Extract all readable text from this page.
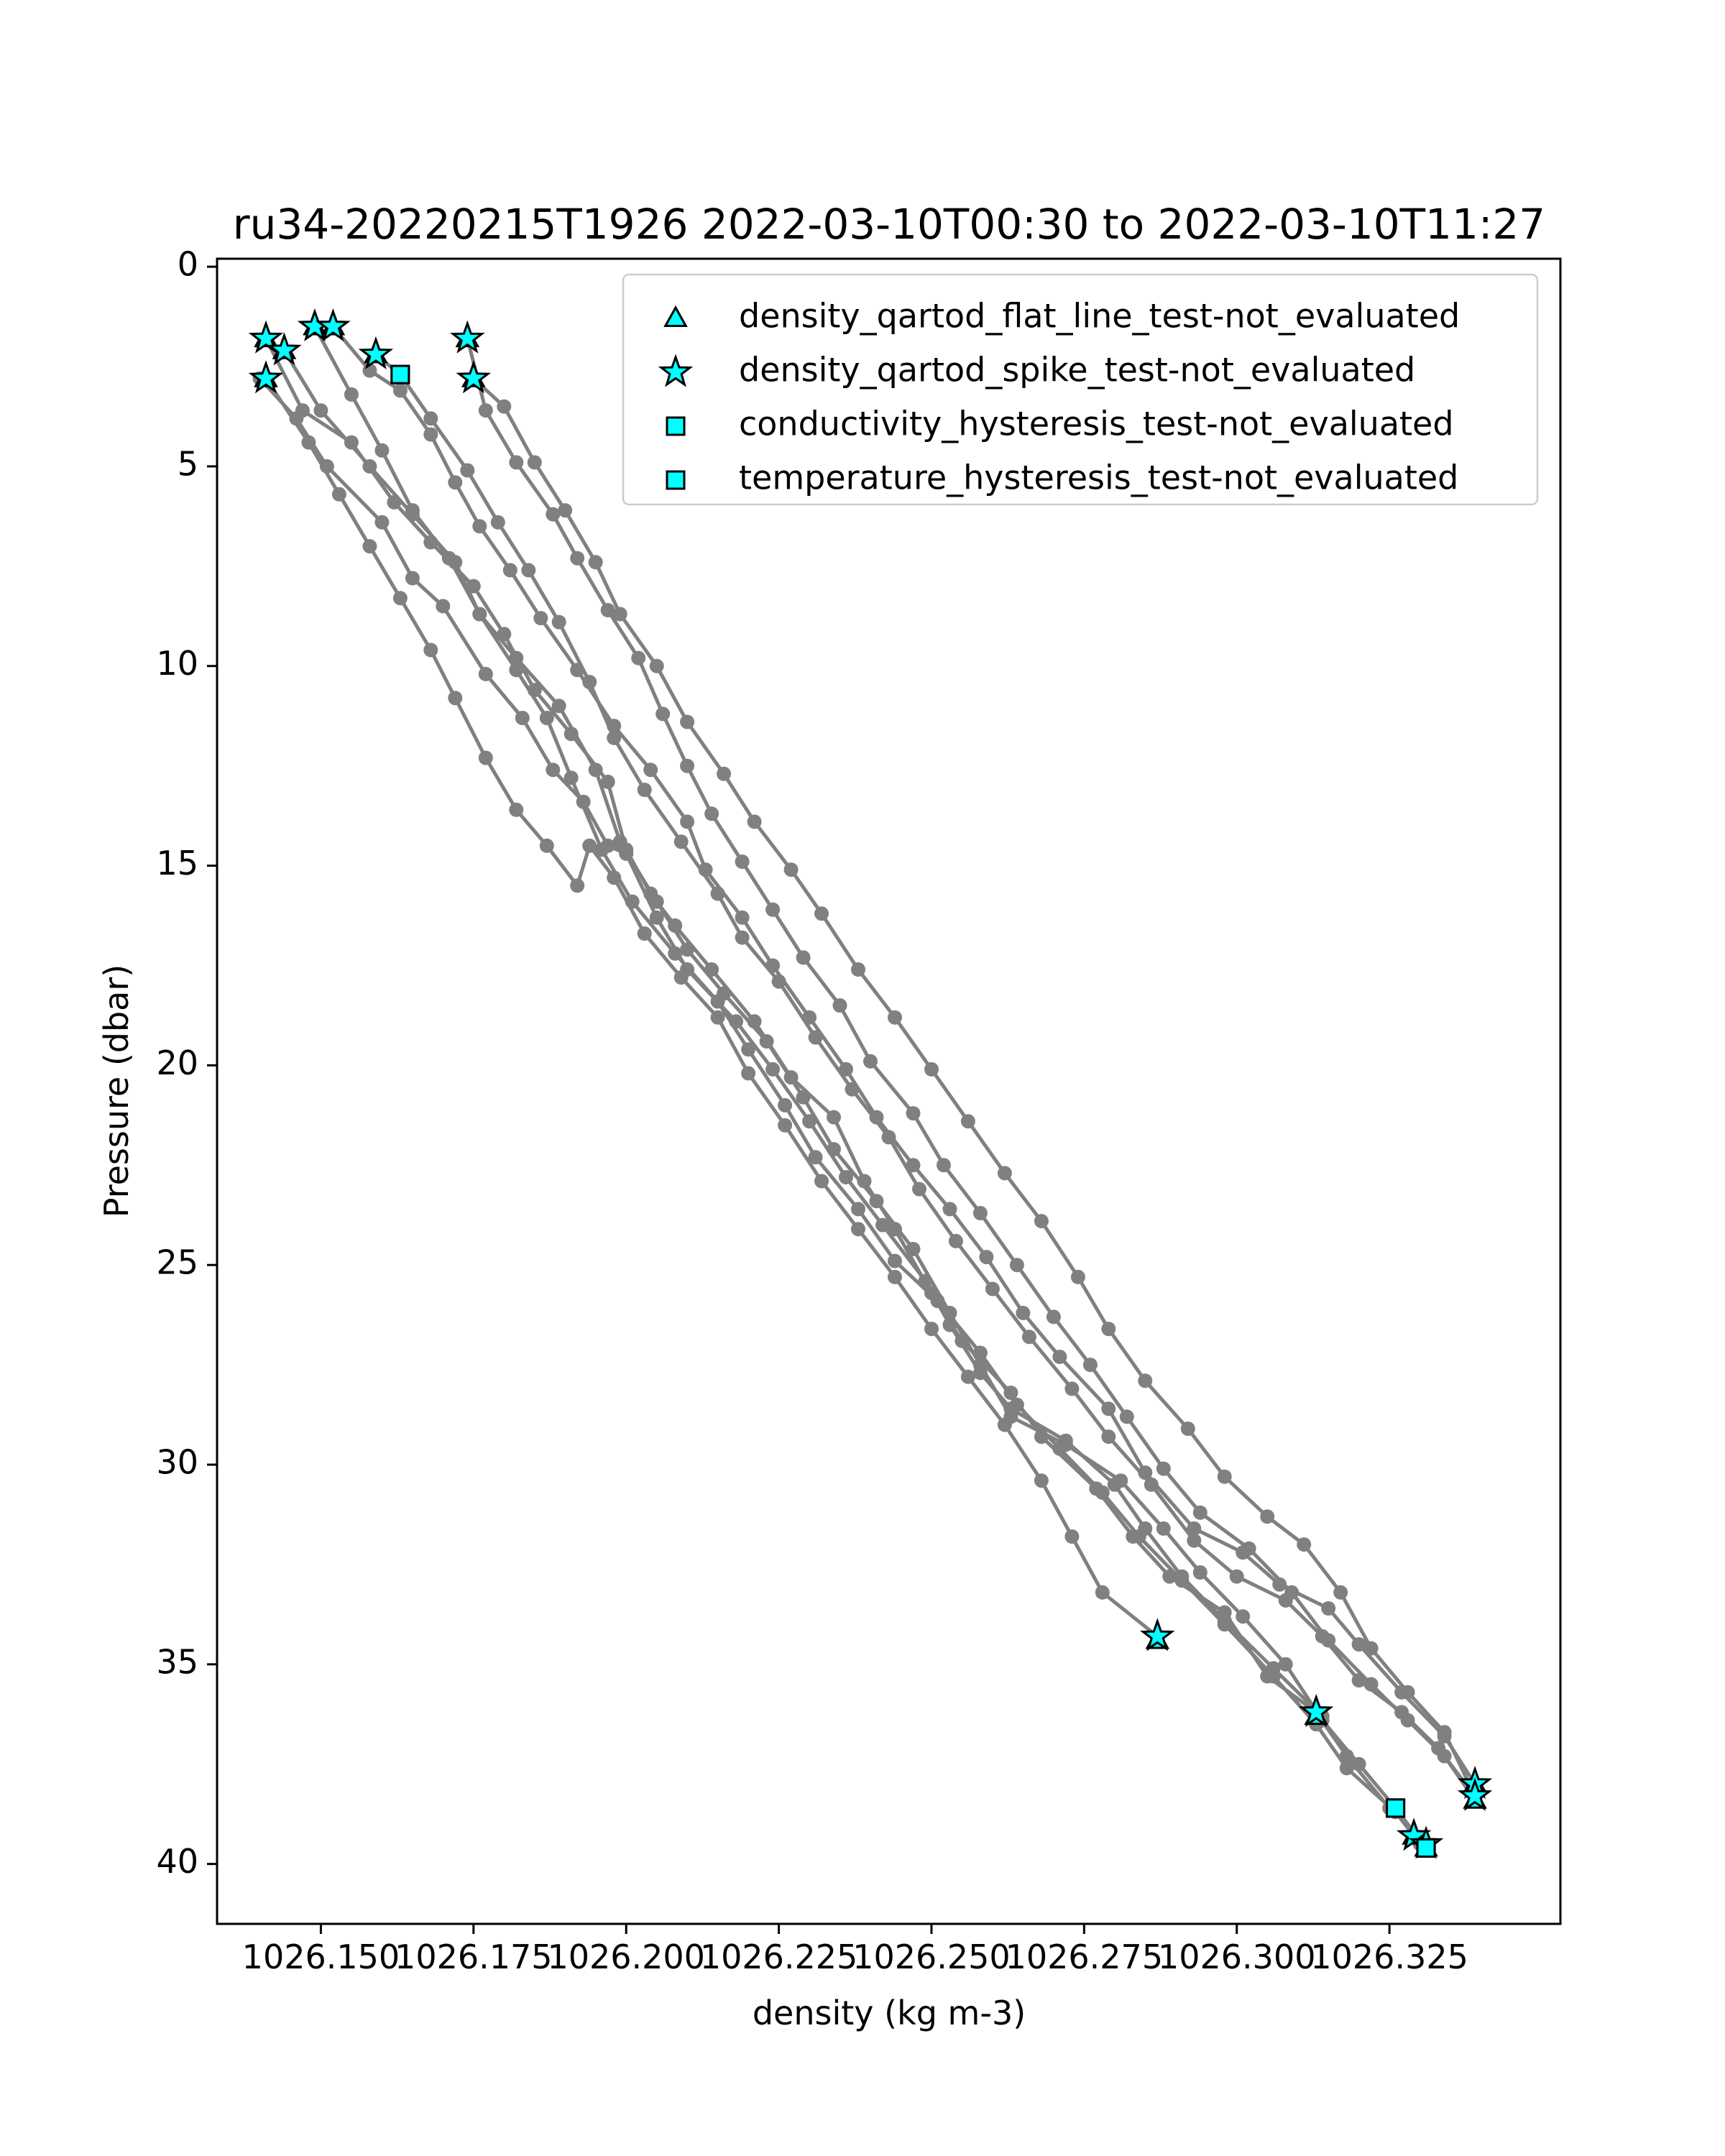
ru34-20220215T1926 2022-03-10T00:30 to 2022-03-10T11:27
1026.150
1026.175
1026.200
1026.225
1026.250
1026.275
1026.300
1026.325
0
5
10
15
20
25
30
35
40
density (kg m-3)
Pressure (dbar)
density_qartod_flat_line_test-not_evaluated
density_qartod_spike_test-not_evaluated
conductivity_hysteresis_test-not_evaluated
temperature_hysteresis_test-not_evaluated
